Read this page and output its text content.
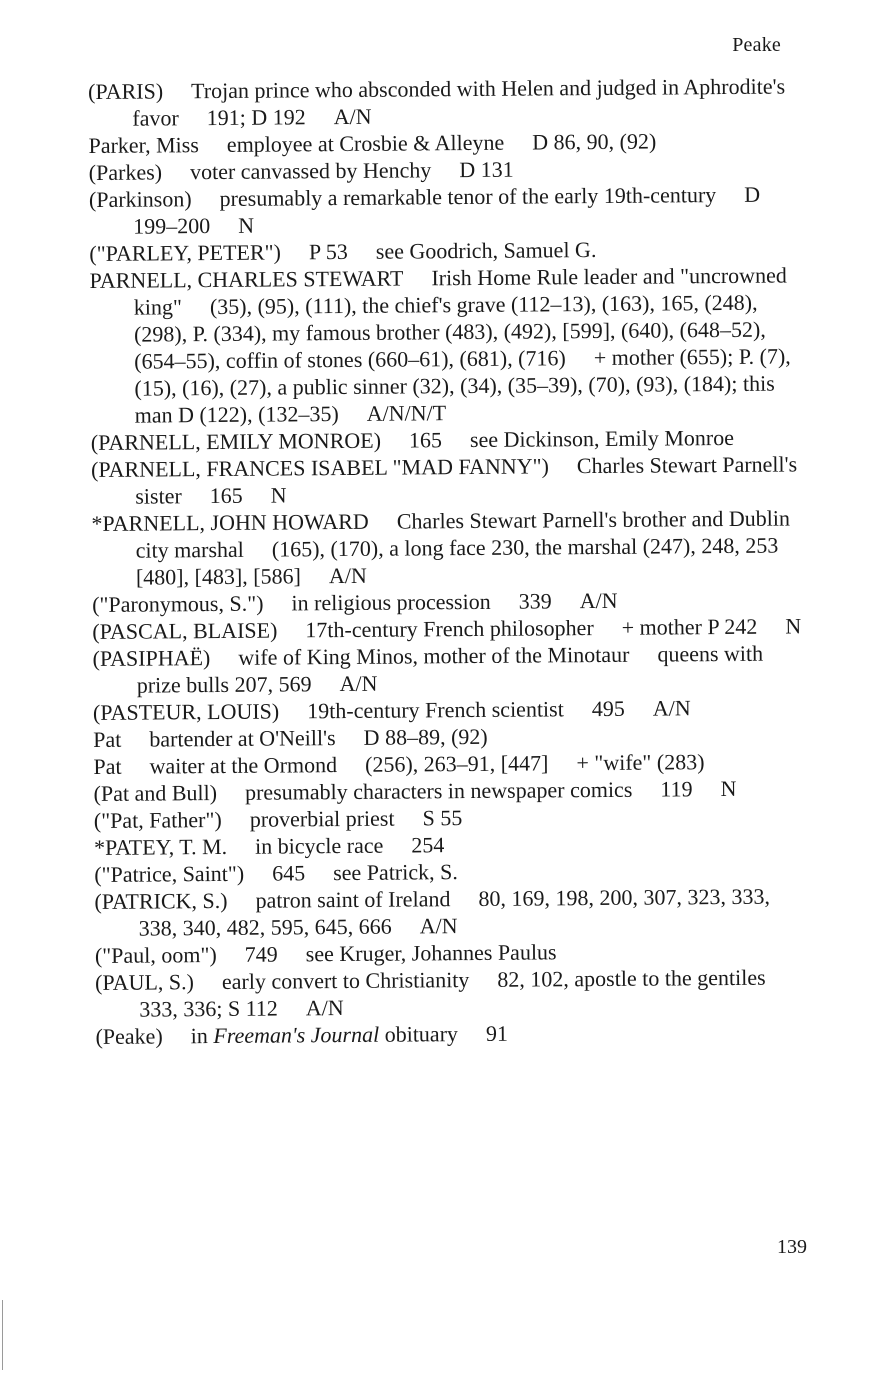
Peake

(PARIS) Trojan prince who absconded with Helen and judged in Aphrodite's favor 191; D 192 A/N

Parker, Miss employee at Crosbie & Alleyne D 86, 90, (92)

(Parkes) voter canvassed by Henchy D 131

(Parkinson) presumably a remarkable tenor of the early 19th-century D 199–200 N

("PARLEY, PETER") P 53 see Goodrich, Samuel G.

PARNELL, CHARLES STEWART Irish Home Rule leader and "uncrowned king" (35), (95), (111), the chief's grave (112–13), (163), 165, (248), (298), P. (334), my famous brother (483), (492), [599], (640), (648–52), (654–55), coffin of stones (660–61), (681), (716) + mother (655); P. (7), (15), (16), (27), a public sinner (32), (34), (35–39), (70), (93), (184); this man D (122), (132–35) A/N/N/T

(PARNELL, EMILY MONROE) 165 see Dickinson, Emily Monroe

(PARNELL, FRANCES ISABEL "MAD FANNY") Charles Stewart Parnell's sister 165 N

*PARNELL, JOHN HOWARD Charles Stewart Parnell's brother and Dublin city marshal (165), (170), a long face 230, the marshal (247), 248, 253 [480], [483], [586] A/N

("Paronymous, S.") in religious procession 339 A/N

(PASCAL, BLAISE) 17th-century French philosopher + mother P 242 N

(PASIPHAË) wife of King Minos, mother of the Minotaur queens with prize bulls 207, 569 A/N

(PASTEUR, LOUIS) 19th-century French scientist 495 A/N

Pat bartender at O'Neill's D 88–89, (92)

Pat waiter at the Ormond (256), 263–91, [447] + "wife" (283)

(Pat and Bull) presumably characters in newspaper comics 119 N

("Pat, Father") proverbial priest S 55

*PATEY, T. M. in bicycle race 254

("Patrice, Saint") 645 see Patrick, S.

(PATRICK, S.) patron saint of Ireland 80, 169, 198, 200, 307, 323, 333, 338, 340, 482, 595, 645, 666 A/N

("Paul, oom") 749 see Kruger, Johannes Paulus

(PAUL, S.) early convert to Christianity 82, 102, apostle to the gentiles 333, 336; S 112 A/N

(Peake) in Freeman's Journal obituary 91

139
